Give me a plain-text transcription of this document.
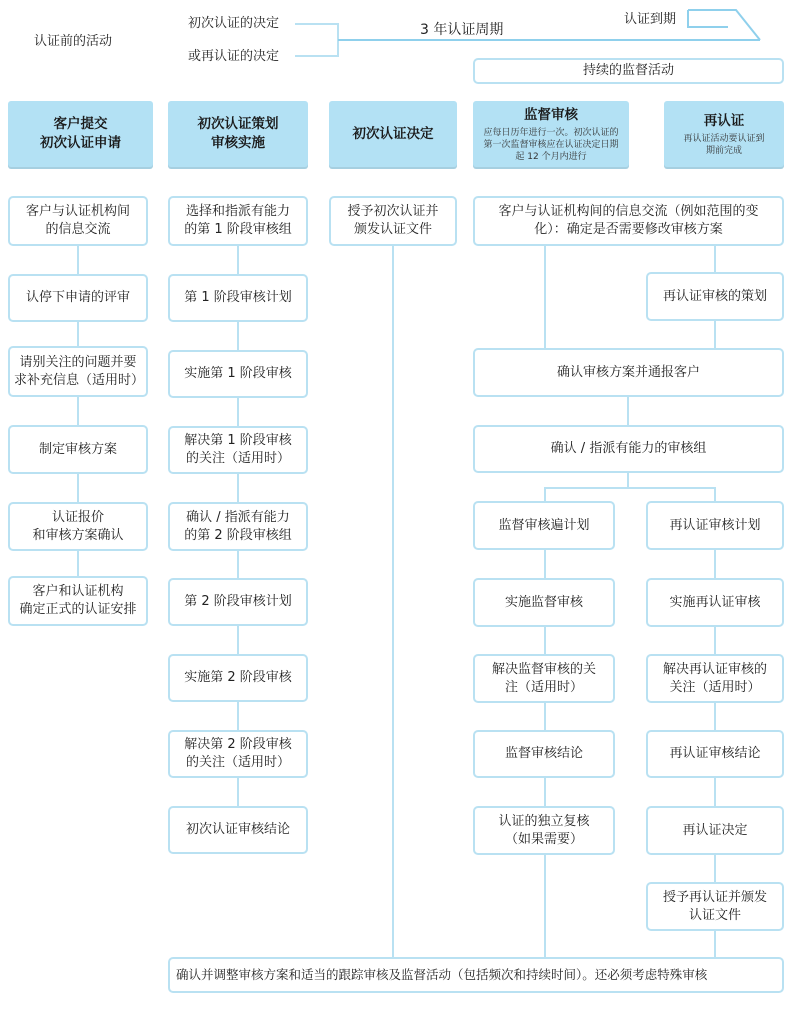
认证前的活动
初次认证的决定
或再认证的决定
3 年认证周期
认证到期
持续的监督活动
客户提交
初次认证申请
初次认证策划
审核实施
初次认证决定
监督审核
应每日历年进行一次。初次认证的
第一次监督审核应在认证决定日期
起 12 个月内进行
再认证
再认证活动要认证到
期前完成
客户与认证机构间
的信息交流
认停下申请的评审
请别关注的问题并要
求补充信息（适用时）
制定审核方案
认证报价
和审核方案确认
客户和认证机构
确定正式的认证安排
选择和指派有能力
的第 1 阶段审核组
第 1 阶段审核计划
实施第 1 阶段审核
解决第 1 阶段审核
的关注（适用时）
确认 / 指派有能力
的第 2 阶段审核组
第 2 阶段审核计划
实施第 2 阶段审核
解决第 2 阶段审核
的关注（适用时）
初次认证审核结论
授予初次认证并
颁发认证文件
客户与认证机构间的信息交流（例如范围的变
化）：确定是否需要修改审核方案
再认证审核的策划
确认审核方案并通报客户
确认 / 指派有能力的审核组
监督审核遍计划
实施监督审核
解决监督审核的关
注（适用时）
监督审核结论
认证的独立复核
（如果需要）
再认证审核计划
实施再认证审核
解决再认证审核的
关注（适用时）
再认证审核结论
再认证决定
授予再认证并颁发
认证文件
确认并调整审核方案和适当的跟踪审核及监督活动（包括频次和持续时间）。还必须考虑特殊审核
